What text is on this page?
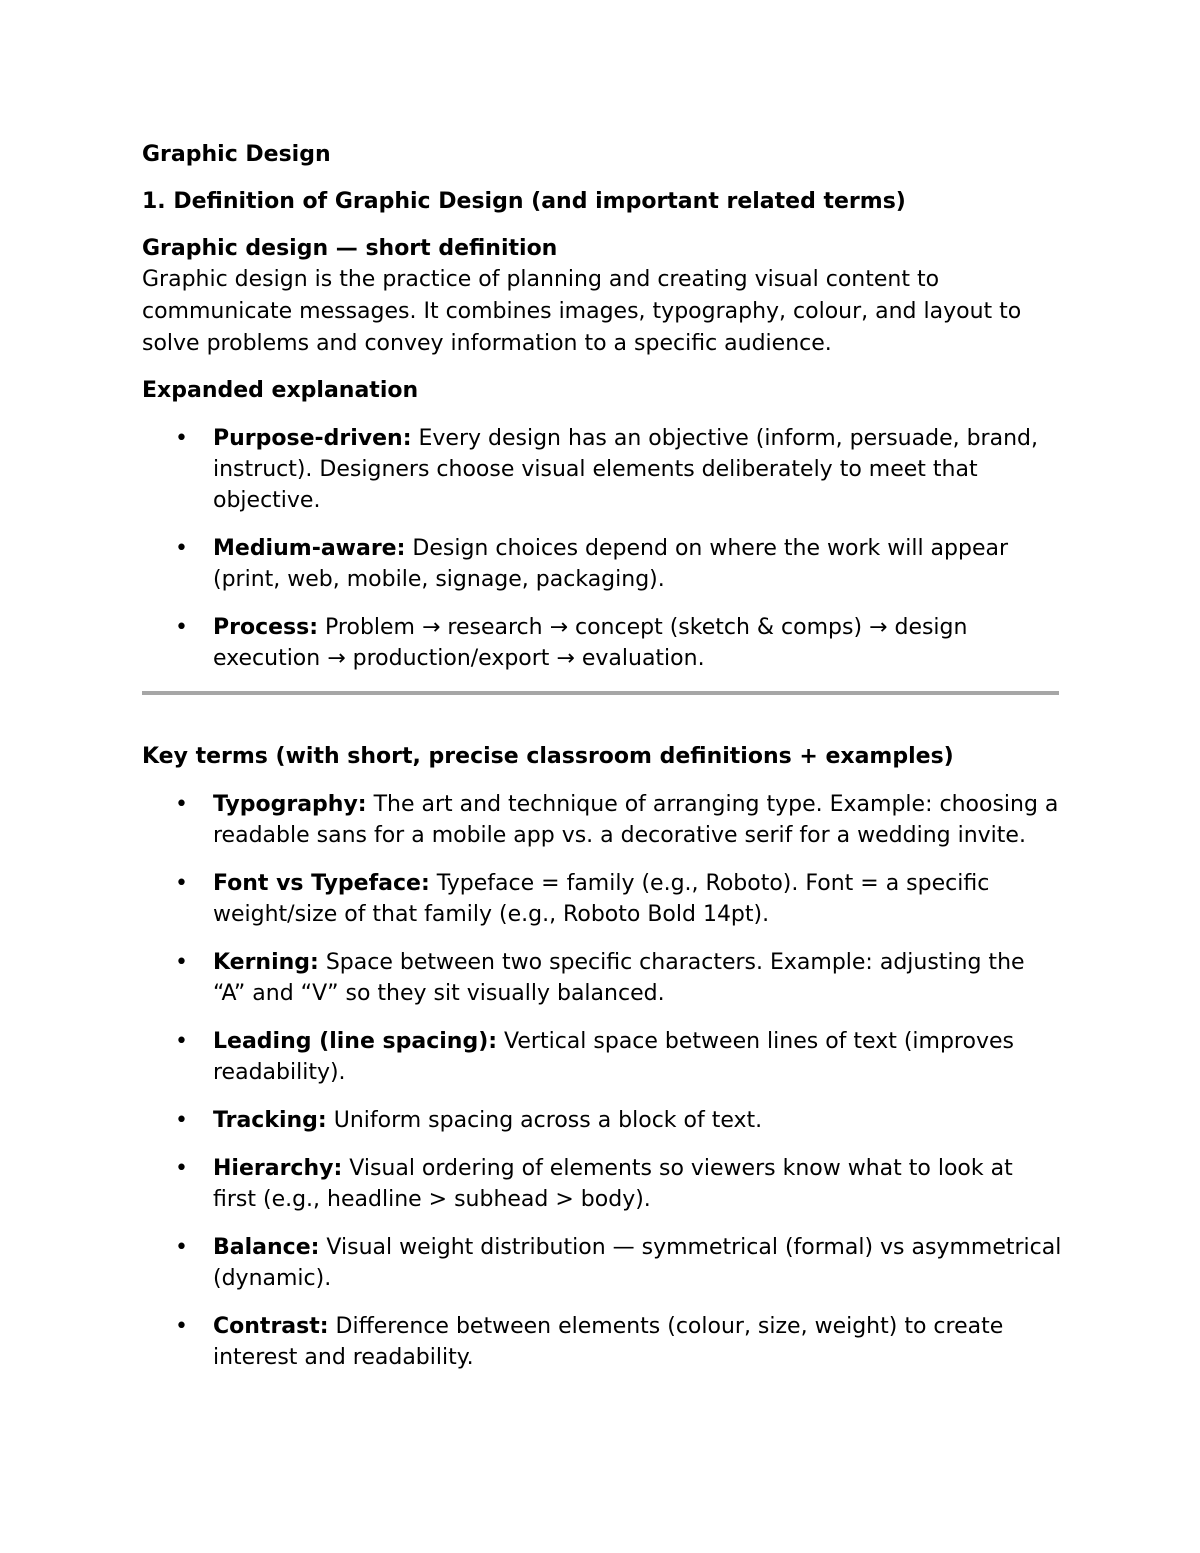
Graphic Design
1. Definition of Graphic Design (and important related terms)
Graphic design — short definition

Graphic design is the practice of planning and creating visual content to communicate messages. It combines images, typography, colour, and layout to solve problems and convey information to a specific audience.

Expanded explanation
• Purpose-driven: Every design has an objective (inform, persuade, brand, instruct). Designers choose visual elements deliberately to meet that objective.
• Medium-aware: Design choices depend on where the work will appear (print, web, mobile, signage, packaging).
• Process: Problem → research → concept (sketch & comps) → design execution → production/export → evaluation.
Key terms (with short, precise classroom definitions + examples)
• Typography: The art and technique of arranging type. Example: choosing a readable sans for a mobile app vs. a decorative serif for a wedding invite.
• Font vs Typeface: Typeface = family (e.g., Roboto). Font = a specific weight/size of that family (e.g., Roboto Bold 14pt).
• Kerning: Space between two specific characters. Example: adjusting the “A” and “V” so they sit visually balanced.
• Leading (line spacing): Vertical space between lines of text (improves readability).
• Tracking: Uniform spacing across a block of text.
• Hierarchy: Visual ordering of elements so viewers know what to look at first (e.g., headline > subhead > body).
• Balance: Visual weight distribution — symmetrical (formal) vs asymmetrical (dynamic).
• Contrast: Difference between elements (colour, size, weight) to create interest and readability.
